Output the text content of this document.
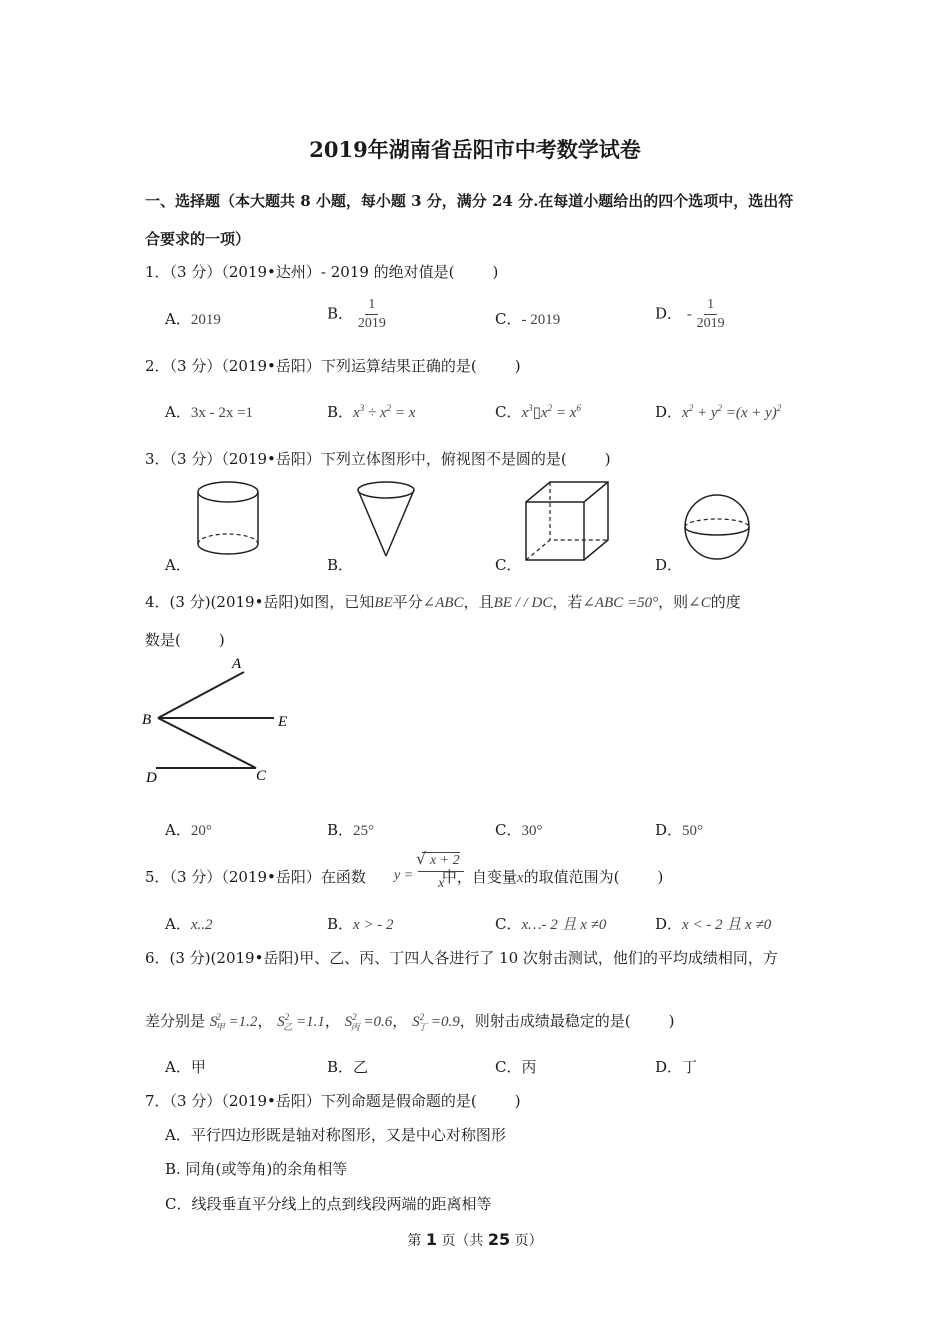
2019年湖南省岳阳市中考数学试卷
一、选择题（本大题共 8 小题，每小题 3 分，满分 24 分.在每道小题给出的四个选项中，选出符
合要求的一项）
1．（3 分）（2019•达州）- 2019 的绝对值是(	)
A．2019	B． $\frac{1}{2019}$	C．- 2019	D． - $\frac{1}{2019}$
2．（3 分）（2019•岳阳）下列运算结果正确的是(	)
A．3x - 2x =1	B．$x^3 \div x^2 = x$	C．$x^3▯x^2 = x^6$	D．$x^2 + y^2 =(x + y)^2$
3．（3 分）（2019•岳阳）下列立体图形中，俯视图不是圆的是(	)
A．	B．	C．	D．
4．(3 分)(2019•岳阳)如图，已知BE平分∠ABC，且BE / / DC，若∠ABC =50°，则∠C的度
数是(	)
A
B	E
D	C
A．20°	B．25°	C．30°	D．50°
5．（3 分）（2019•岳阳）在函数	中，自变量x的取值范围为(	)
y =
x + 2
√
x
A．x..2	B．x > - 2	C．x…- 2 且 x ≠0	D．x < - 2 且 x ≠0
6．(3 分)(2019•岳阳)甲、乙、丙、丁四人各进行了 10 次射击测试，他们的平均成绩相同，方
差分别是 $S^2_甲 =1.2$， $S^2_乙 =1.1$， $S^2_丙 =0.6$， $S^2_丁 =0.9$，则射击成绩最稳定的是(	)
A．甲	B．乙	C．丙	D．丁
7．（3 分）（2019•岳阳）下列命题是假命题的是(	)
A．平行四边形既是轴对称图形，又是中心对称图形
B. 同角(或等角)的余角相等
C．线段垂直平分线上的点到线段两端的距离相等
第 1 页（共 25 页）
